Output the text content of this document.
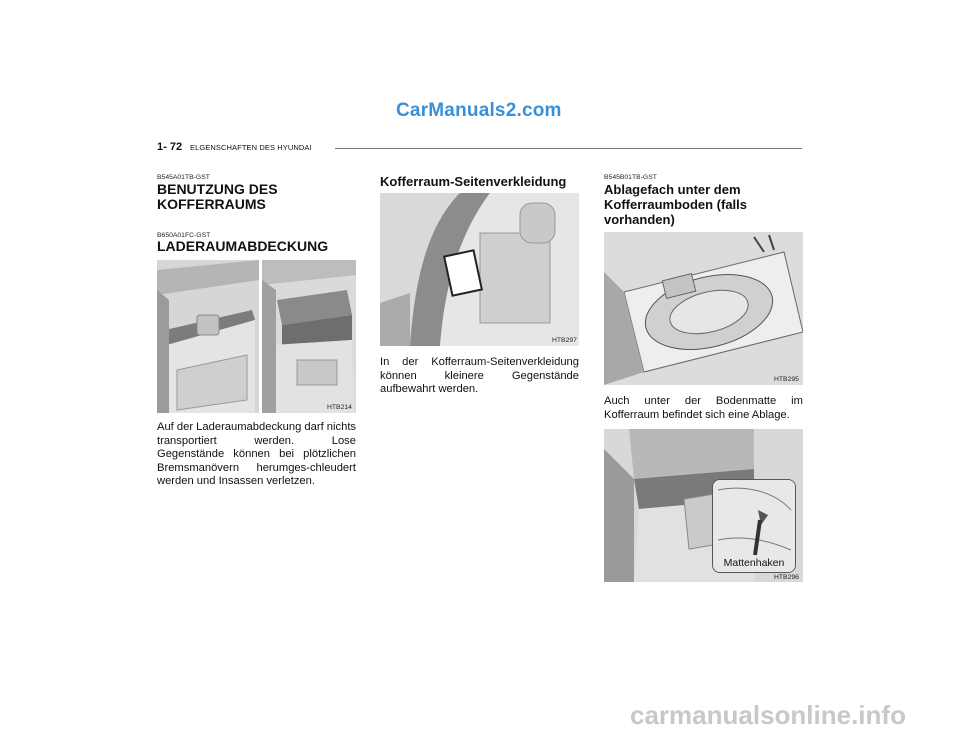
CarManuals2.com
carmanualsonline.info
1- 72 ELGENSCHAFTEN DES HYUNDAI
B545A01TB-GST
BENUTZUNG DES KOFFERRAUMS
B650A01FC-GST
LADERAUMABDECKUNG
HTB214
Auf der Laderaumabdeckung darf nichts transportiert werden. Lose Gegenstände können bei plötzlichen Bremsmanövern herumges-chleudert werden und Insassen verletzen.
Kofferraum-Seitenverkleidung
HTB297
In der Kofferraum-Seitenverkleidung können kleinere Gegenstände aufbewahrt werden.
B545B01TB-GST
Ablagefach unter dem Kofferraumboden (falls vorhanden)
HTB295
Auch unter der Bodenmatte im Kofferraum befindet sich eine Ablage.
Mattenhaken
HTB296
